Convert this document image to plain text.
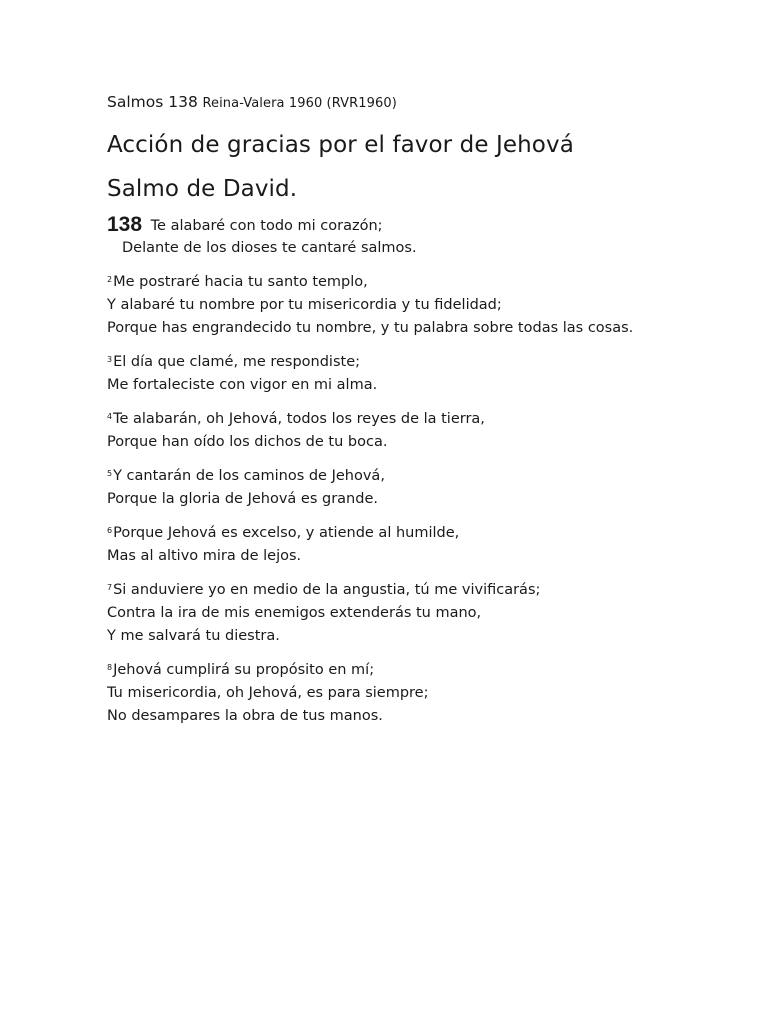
Salmos 138 Reina-Valera 1960 (RVR1960)
Acción de gracias por el favor de Jehová
Salmo de David.
138 Te alabaré con todo mi corazón;
Delante de los dioses te cantaré salmos.
$^2$Me postraré hacia tu santo templo,
Y alabaré tu nombre por tu misericordia y tu fidelidad;
Porque has engrandecido tu nombre, y tu palabra sobre todas las cosas.
$^3$El día que clamé, me respondiste;
Me fortaleciste con vigor en mi alma.
$^4$Te alabarán, oh Jehová, todos los reyes de la tierra,
Porque han oído los dichos de tu boca.
$^5$Y cantarán de los caminos de Jehová,
Porque la gloria de Jehová es grande.
$^6$Porque Jehová es excelso, y atiende al humilde,
Mas al altivo mira de lejos.
$^7$Si anduviere yo en medio de la angustia, tú me vivificarás;
Contra la ira de mis enemigos extenderás tu mano,
Y me salvará tu diestra.
$^8$Jehová cumplirá su propósito en mí;
Tu misericordia, oh Jehová, es para siempre;
No desampares la obra de tus manos.
